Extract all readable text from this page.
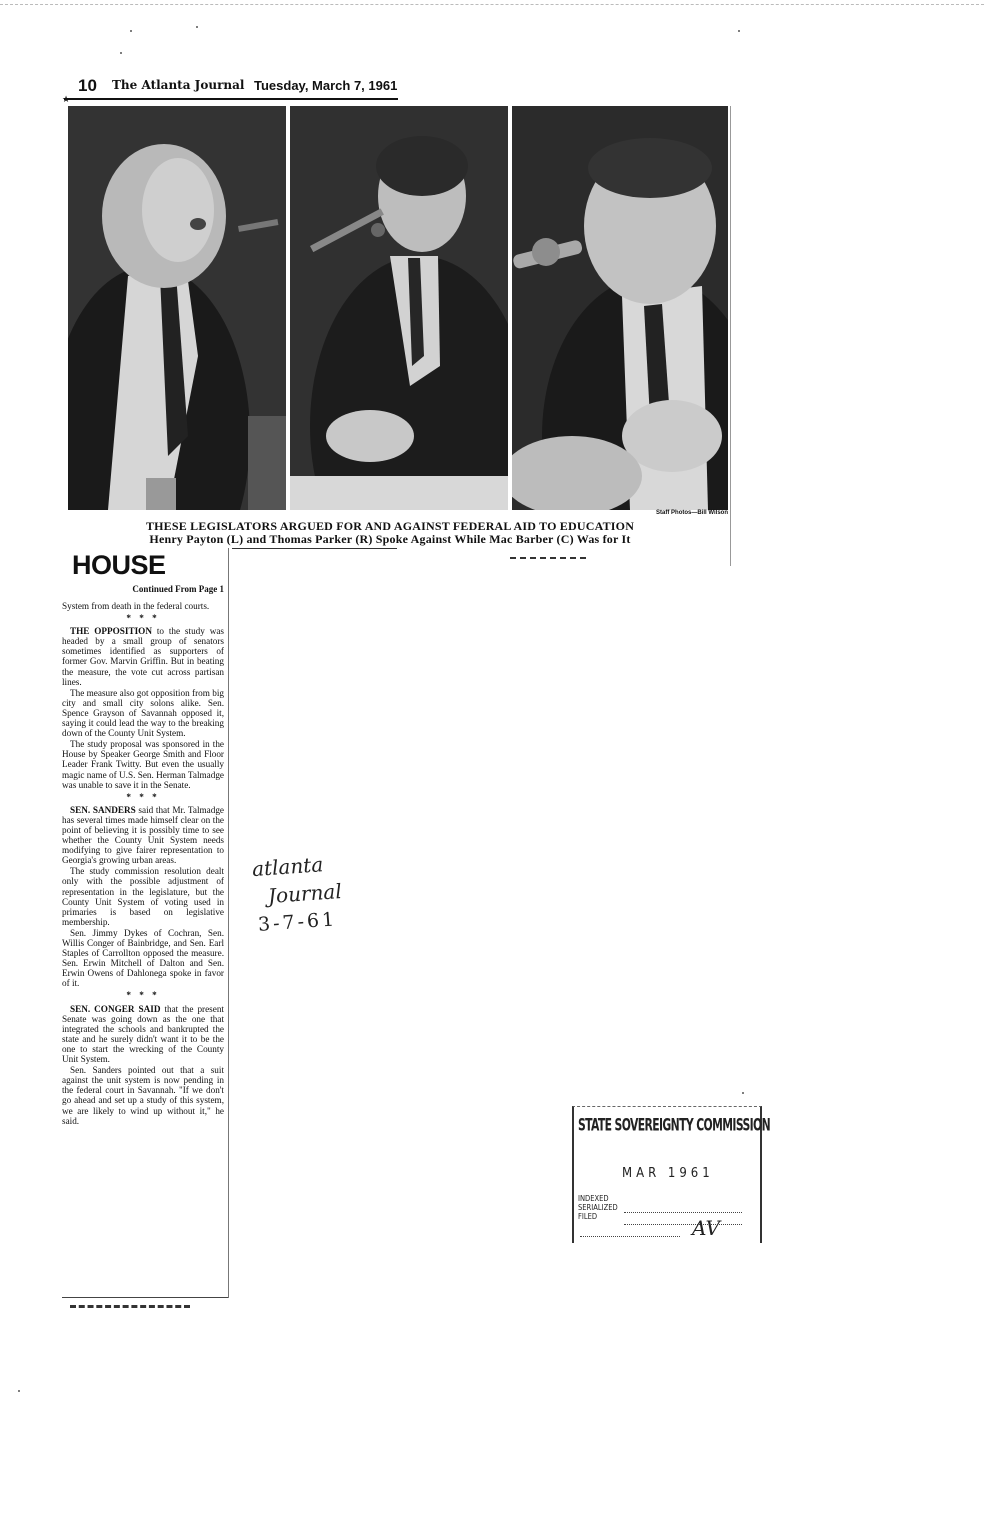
10 The Atlanta Journal Tuesday, March 7, 1961
★
Staff Photos—Bill Wilson
THESE LEGISLATORS ARGUED FOR AND AGAINST FEDERAL AID TO EDUCATION
Henry Payton (L) and Thomas Parker (R) Spoke Against While Mac Barber (C) Was for It
HOUSE
Continued From Page 1

System from death in the federal courts.

* * *

THE OPPOSITION to the study was headed by a small group of senators sometimes identified as supporters of former Gov. Marvin Griffin. But in beating the measure, the vote cut across partisan lines.

The measure also got opposition from big city and small city solons alike. Sen. Spence Grayson of Savannah opposed it, saying it could lead the way to the breaking down of the County Unit System.

The study proposal was sponsored in the House by Speaker George Smith and Floor Leader Frank Twitty. But even the usually magic name of U.S. Sen. Herman Talmadge was unable to save it in the Senate.

* * *

SEN. SANDERS said that Mr. Talmadge has several times made himself clear on the point of believing it is possibly time to see whether the County Unit System needs modifying to give fairer representation to Georgia's growing urban areas.

The study commission resolution dealt only with the possible adjustment of representation in the legislature, but the County Unit System of voting used in primaries is based on legislative membership.

Sen. Jimmy Dykes of Cochran, Sen. Willis Conger of Bainbridge, and Sen. Earl Staples of Carrollton opposed the measure. Sen. Erwin Mitchell of Dalton and Sen. Erwin Owens of Dahlonega spoke in favor of it.

* * *

SEN. CONGER SAID that the present Senate was going down as the one that integrated the schools and bankrupted the state and he surely didn't want it to be the one to start the wrecking of the County Unit System.

Sen. Sanders pointed out that a suit against the unit system is now pending in the federal court in Savannah. "If we don't go ahead and set up a study of this system, we are likely to wind up without it," he said.

atlanta
Journal
3-7-61
STATE SOVEREIGNTY COMMISSION
MAR 1961
INDEXED
SERIALIZED
FILED	AV
